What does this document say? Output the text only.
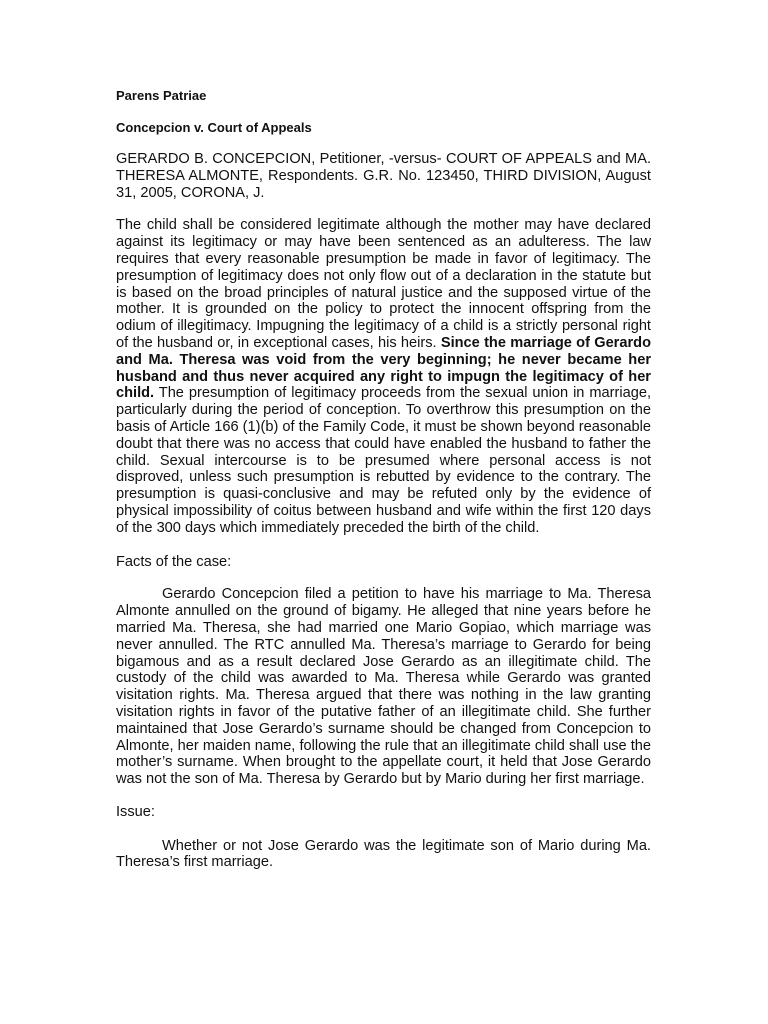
Parens Patriae

Concepcion v. Court of Appeals

GERARDO B. CONCEPCION, Petitioner, -versus- COURT OF APPEALS and MA. THERESA ALMONTE, Respondents. G.R. No. 123450, THIRD DIVISION, August 31, 2005, CORONA, J.

The child shall be considered legitimate although the mother may have declared against its legitimacy or may have been sentenced as an adulteress. The law requires that every reasonable presumption be made in favor of legitimacy. The presumption of legitimacy does not only flow out of a declaration in the statute but is based on the broad principles of natural justice and the supposed virtue of the mother. It is grounded on the policy to protect the innocent offspring from the odium of illegitimacy. Impugning the legitimacy of a child is a strictly personal right of the husband or, in exceptional cases, his heirs. Since the marriage of Gerardo and Ma. Theresa was void from the very beginning; he never became her husband and thus never acquired any right to impugn the legitimacy of her child. The presumption of legitimacy proceeds from the sexual union in marriage, particularly during the period of conception. To overthrow this presumption on the basis of Article 166 (1)(b) of the Family Code, it must be shown beyond reasonable doubt that there was no access that could have enabled the husband to father the child. Sexual intercourse is to be presumed where personal access is not disproved, unless such presumption is rebutted by evidence to the contrary. The presumption is quasi-conclusive and may be refuted only by the evidence of physical impossibility of coitus between husband and wife within the first 120 days of the 300 days which immediately preceded the birth of the child.

Facts of the case:

Gerardo Concepcion filed a petition to have his marriage to Ma. Theresa Almonte annulled on the ground of bigamy. He alleged that nine years before he married Ma. Theresa, she had married one Mario Gopiao, which marriage was never annulled. The RTC annulled Ma. Theresa’s marriage to Gerardo for being bigamous and as a result declared Jose Gerardo as an illegitimate child. The custody of the child was awarded to Ma. Theresa while Gerardo was granted visitation rights. Ma. Theresa argued that there was nothing in the law granting visitation rights in favor of the putative father of an illegitimate child. She further maintained that Jose Gerardo’s surname should be changed from Concepcion to Almonte, her maiden name, following the rule that an illegitimate child shall use the mother’s surname. When brought to the appellate court, it held that Jose Gerardo was not the son of Ma. Theresa by Gerardo but by Mario during her first marriage.

Issue:

Whether or not Jose Gerardo was the legitimate son of Mario during Ma. Theresa’s first marriage.
